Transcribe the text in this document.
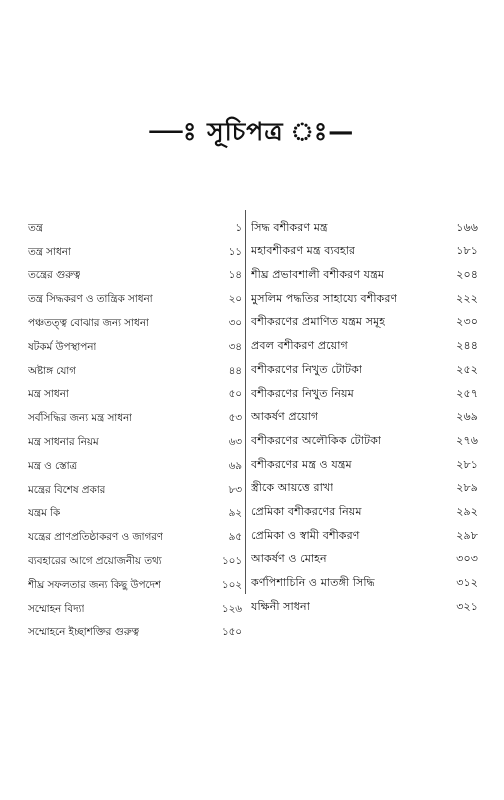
—ঃ সূচিপত্র ঃ—
তন্ত্র	১
তন্ত্র সাধনা	১১
তন্ত্রের গুরুত্ব	১৪
তন্ত্র সিদ্ধকরণ ও তান্ত্রিক সাধনা	২০
পঞ্চতত্ত্ব বোঝার জন্য সাধনা	৩০
ষটকর্ম উপস্থাপনা	৩৪
অষ্টাঙ্গ যোগ	৪৪
মন্ত্র সাধনা	৫০
সর্বসিদ্ধির জন্য মন্ত্র সাধনা	৫৩
মন্ত্র সাধনার নিয়ম	৬৩
মন্ত্র ও স্তোত্র	৬৯
মন্ত্রের বিশেষ প্রকার	৮৩
যন্ত্রম কি	৯২
যন্ত্রের প্রাণপ্রতিষ্ঠাকরণ ও জাগরণ	৯৫
ব্যবহারের আগে প্রয়োজনীয় তথ্য	১০১
শীঘ্র সফলতার জন্য কিছু উপদেশ	১০২
সম্মোহন বিদ্যা	১২৬
সম্মোহনে ইচ্ছাশক্তির গুরুত্ব	১৫০
সিদ্ধ বশীকরণ মন্ত্র	১৬৬
মহাবশীকরণ মন্ত্র ব্যবহার	১৮১
শীঘ্র প্রভাবশালী বশীকরণ যন্ত্রম	২০৪
মুসলিম পদ্ধতির সাহায্যে বশীকরণ	২২২
বশীকরণের প্রমাণিত যন্ত্রম সমূহ	২৩০
প্রবল বশীকরণ প্রয়োগ	২৪৪
বশীকরণের নিখুত টোটকা	২৫২
বশীকরণের নিখুত নিয়ম	২৫৭
আকর্ষণ প্রয়োগ	২৬৯
বশীকরণের অলৌকিক টোটকা	২৭৬
বশীকরণের মন্ত্র ও যন্ত্রম	২৮১
স্ত্রীকে আয়ত্তে রাখা	২৮৯
প্রেমিকা বশীকরণের নিয়ম	২৯২
প্রেমিকা ও স্বামী বশীকরণ	২৯৮
আকর্ষণ ও মোহন	৩০৩
কর্ণপিশাচিনি ও মাতঙ্গী সিদ্ধি	৩১২
যক্ষিনী সাধনা	৩২১
